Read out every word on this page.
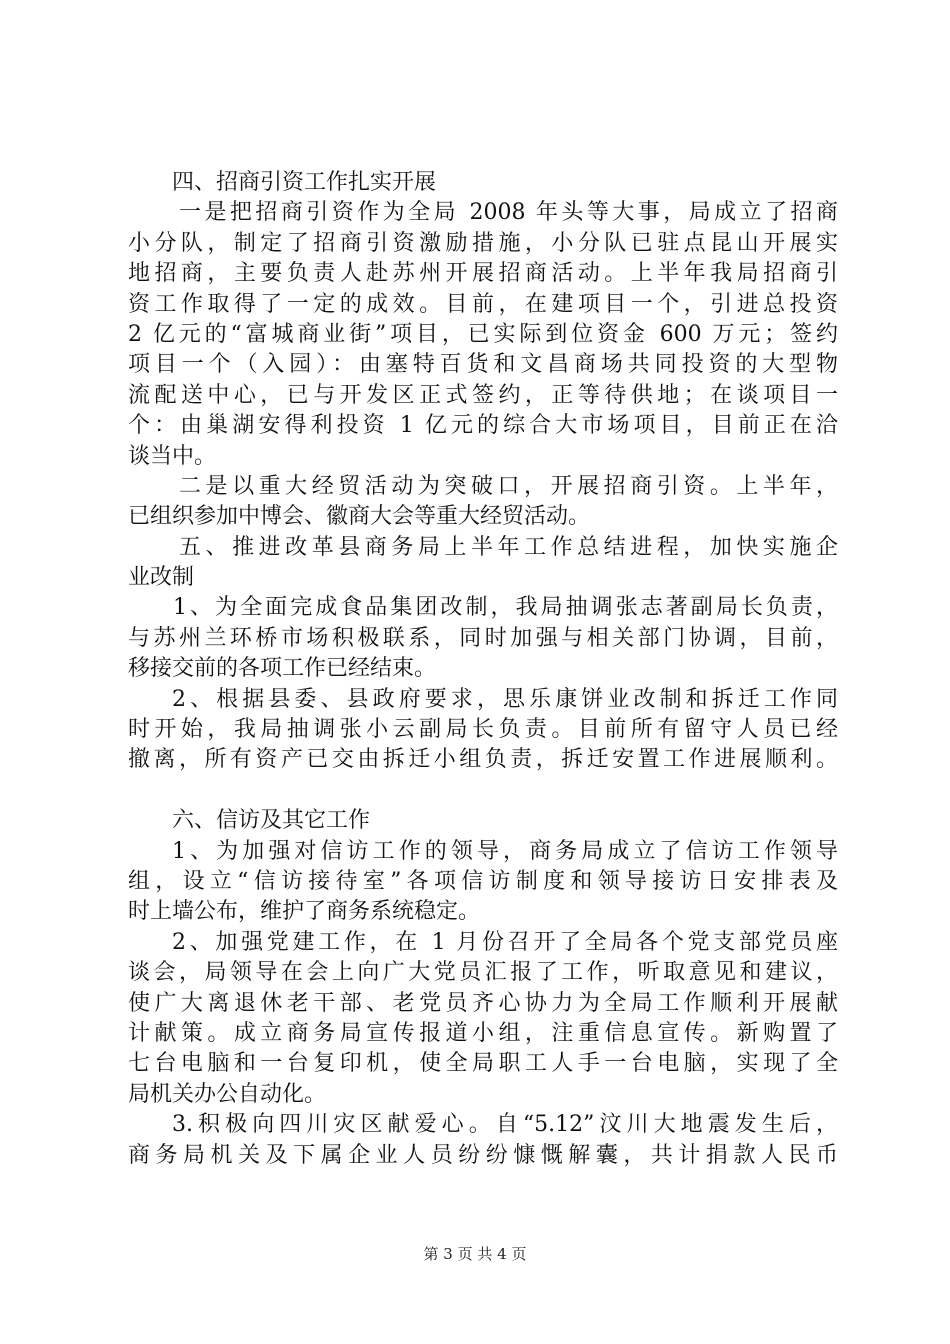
四、招商引资工作扎实开展
一是把招商引资作为全局 2008 年头等大事，局成立了招商
小分队，制定了招商引资激励措施，小分队已驻点昆山开展实
地招商，主要负责人赴苏州开展招商活动。上半年我局招商引
资工作取得了一定的成效。目前，在建项目一个，引进总投资
2 亿元的“富城商业街”项目，已实际到位资金 600 万元；签约
项目一个（入园）：由塞特百货和文昌商场共同投资的大型物
流配送中心，已与开发区正式签约，正等待供地；在谈项目一
个：由巢湖安得利投资 1 亿元的综合大市场项目，目前正在洽
谈当中。
二是以重大经贸活动为突破口，开展招商引资。上半年，
已组织参加中博会、徽商大会等重大经贸活动。
五、推进改革县商务局上半年工作总结进程，加快实施企
业改制
1、为全面完成食品集团改制，我局抽调张志著副局长负责，
与苏州兰环桥市场积极联系，同时加强与相关部门协调，目前，
移接交前的各项工作已经结束。
2、根据县委、县政府要求，思乐康饼业改制和拆迁工作同
时开始，我局抽调张小云副局长负责。目前所有留守人员已经
撤离，所有资产已交由拆迁小组负责，拆迁安置工作进展顺利。
六、信访及其它工作
1、为加强对信访工作的领导，商务局成立了信访工作领导
组，设立“信访接待室”各项信访制度和领导接访日安排表及
时上墙公布，维护了商务系统稳定。
2、加强党建工作，在 1 月份召开了全局各个党支部党员座
谈会，局领导在会上向广大党员汇报了工作，听取意见和建议，
使广大离退休老干部、老党员齐心协力为全局工作顺利开展献
计献策。成立商务局宣传报道小组，注重信息宣传。新购置了
七台电脑和一台复印机，使全局职工人手一台电脑，实现了全
局机关办公自动化。
3.积极向四川灾区献爱心。自“5.12”汶川大地震发生后，
商务局机关及下属企业人员纷纷慷慨解囊，共计捐款人民币
第 3 页 共 4 页
